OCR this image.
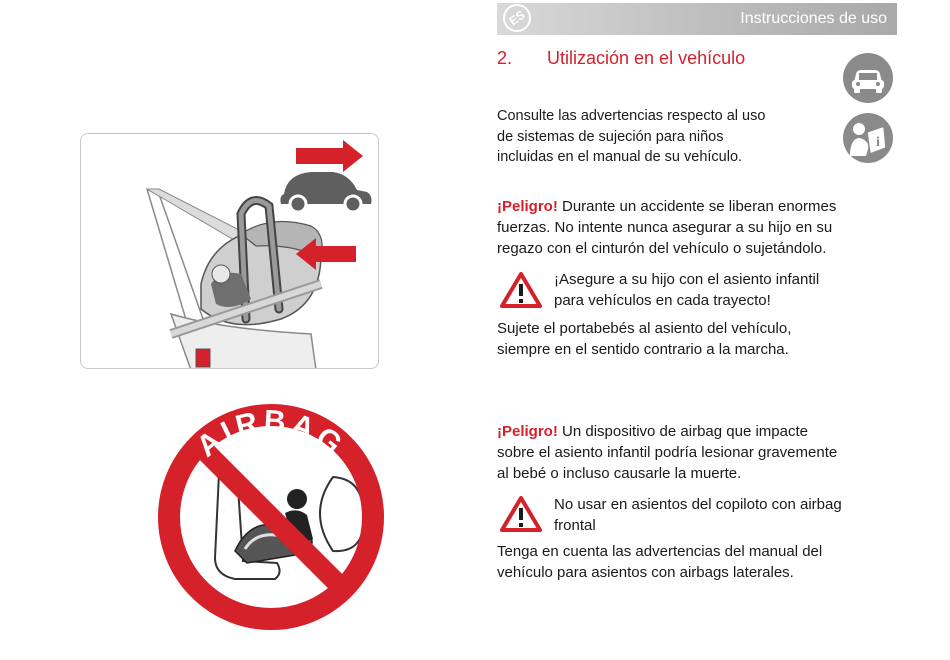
ES	Instrucciones de uso
2. Utilización en el vehículo
i
Consulte las advertencias respecto al uso
de sistemas de sujeción para niños
incluidas en el manual de su vehículo.
¡Peligro! Durante un accidente se liberan enormes
fuerzas. No intente nunca asegurar a su hijo en su
regazo con el cinturón del vehículo o sujetándolo.
¡Asegure a su hijo con el asiento infantil
para vehículos en cada trayecto!
Sujete el portabebés al asiento del vehículo,
siempre en el sentido contrario a la marcha.
¡Peligro! Un dispositivo de airbag que impacte
sobre el asiento infantil podría lesionar gravemente
al bebé o incluso causarle la muerte.
No usar en asientos del copiloto con airbag
frontal
Tenga en cuenta las advertencias del manual del
vehículo para asientos con airbags laterales.
AIRBAG
